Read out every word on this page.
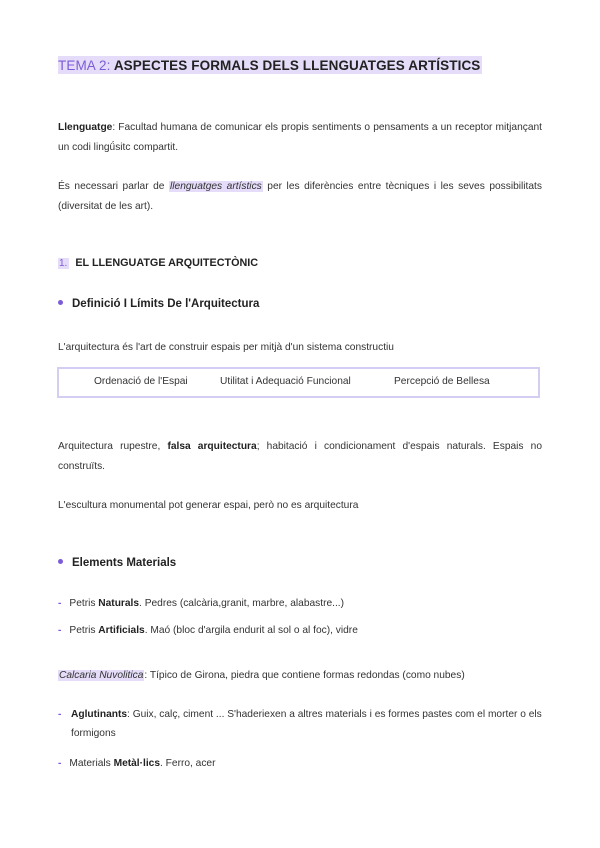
TEMA 2: ASPECTES FORMALS DELS LLENGUATGES ARTÍSTICS
Llenguatge: Facultad humana de comunicar els propis sentiments o pensaments a un receptor mitjançant un codi lingǘsitc compartit.
És necessari parlar de llenguatges artístics per les diferències entre tècniques i les seves possibilitats (diversitat de les art).
1. EL LLENGUATGE ARQUITECTÒNIC
Definició I Límits De l'Arquitectura
L'arquitectura és l'art de construir espais per mitjà d'un sistema constructiu
Ordenació de l'Espai	Utilitat i Adequació Funcional	Percepció de Bellesa
Arquitectura rupestre, falsa arquitectura; habitació i condicionament d'espais naturals. Espais no construïts.
L'escultura monumental pot generar espai, però no es arquitectura
Elements Materials
- Petris Naturals. Pedres (calcària,granit, marbre, alabastre...)
- Petris Artificials. Maó (bloc d'argila endurit al sol o al foc), vidre
Calcaria Nuvolitica: Típico de Girona, piedra que contiene formas redondas (como nubes)
- Aglutinants: Guix, calç, ciment ... S'haderiexen a altres materials i es formes pastes com el morter o els formigons
- Materials Metàl·lics. Ferro, acer
